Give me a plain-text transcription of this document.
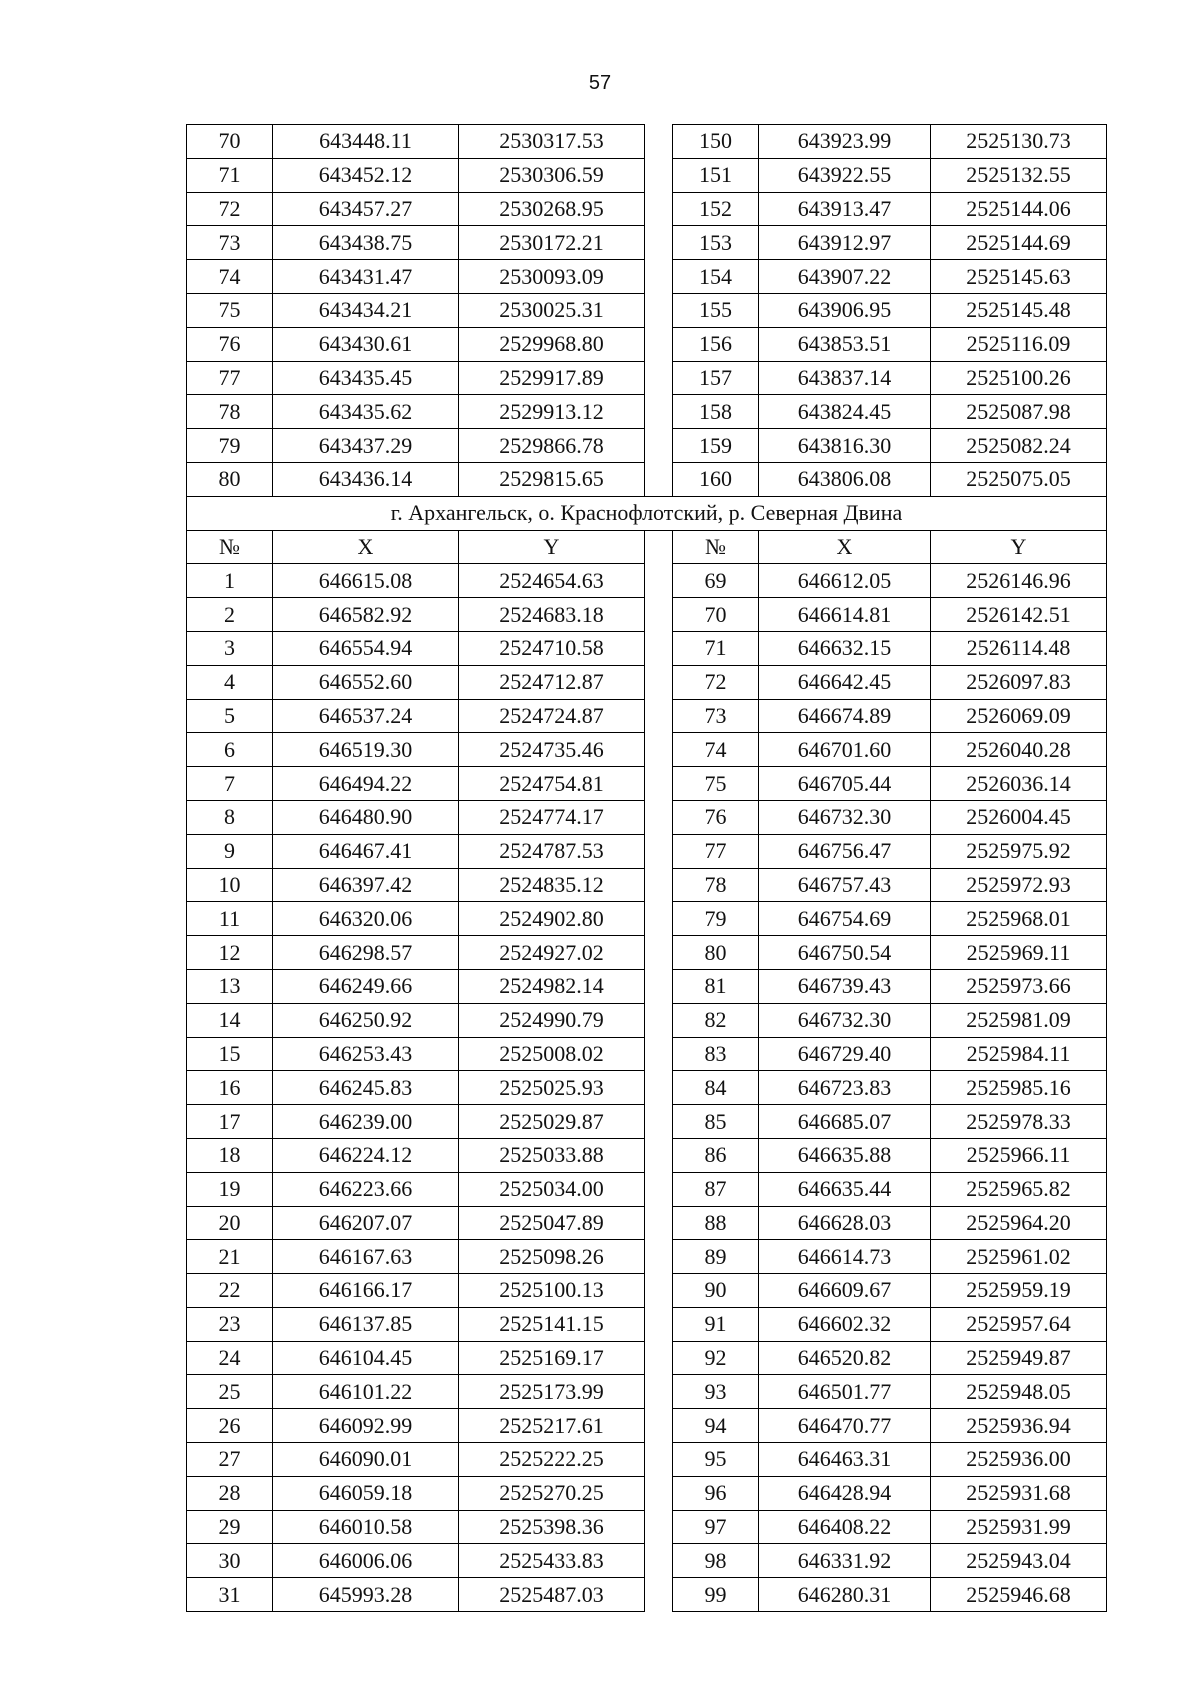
57
70	643448.11	2530317.53		150	643923.99	2525130.73
71	643452.12	2530306.59		151	643922.55	2525132.55
72	643457.27	2530268.95		152	643913.47	2525144.06
73	643438.75	2530172.21		153	643912.97	2525144.69
74	643431.47	2530093.09		154	643907.22	2525145.63
75	643434.21	2530025.31		155	643906.95	2525145.48
76	643430.61	2529968.80		156	643853.51	2525116.09
77	643435.45	2529917.89		157	643837.14	2525100.26
78	643435.62	2529913.12		158	643824.45	2525087.98
79	643437.29	2529866.78		159	643816.30	2525082.24
80	643436.14	2529815.65		160	643806.08	2525075.05
г. Архангельск, о. Краснофлотский, р. Северная Двина						
№	X	Y		№	X	Y
1	646615.08	2524654.63		69	646612.05	2526146.96
2	646582.92	2524683.18		70	646614.81	2526142.51
3	646554.94	2524710.58		71	646632.15	2526114.48
4	646552.60	2524712.87		72	646642.45	2526097.83
5	646537.24	2524724.87		73	646674.89	2526069.09
6	646519.30	2524735.46		74	646701.60	2526040.28
7	646494.22	2524754.81		75	646705.44	2526036.14
8	646480.90	2524774.17		76	646732.30	2526004.45
9	646467.41	2524787.53		77	646756.47	2525975.92
10	646397.42	2524835.12		78	646757.43	2525972.93
11	646320.06	2524902.80		79	646754.69	2525968.01
12	646298.57	2524927.02		80	646750.54	2525969.11
13	646249.66	2524982.14		81	646739.43	2525973.66
14	646250.92	2524990.79		82	646732.30	2525981.09
15	646253.43	2525008.02		83	646729.40	2525984.11
16	646245.83	2525025.93		84	646723.83	2525985.16
17	646239.00	2525029.87		85	646685.07	2525978.33
18	646224.12	2525033.88		86	646635.88	2525966.11
19	646223.66	2525034.00		87	646635.44	2525965.82
20	646207.07	2525047.89		88	646628.03	2525964.20
21	646167.63	2525098.26		89	646614.73	2525961.02
22	646166.17	2525100.13		90	646609.67	2525959.19
23	646137.85	2525141.15		91	646602.32	2525957.64
24	646104.45	2525169.17		92	646520.82	2525949.87
25	646101.22	2525173.99		93	646501.77	2525948.05
26	646092.99	2525217.61		94	646470.77	2525936.94
27	646090.01	2525222.25		95	646463.31	2525936.00
28	646059.18	2525270.25		96	646428.94	2525931.68
29	646010.58	2525398.36		97	646408.22	2525931.99
30	646006.06	2525433.83		98	646331.92	2525943.04
31	645993.28	2525487.03		99	646280.31	2525946.68
